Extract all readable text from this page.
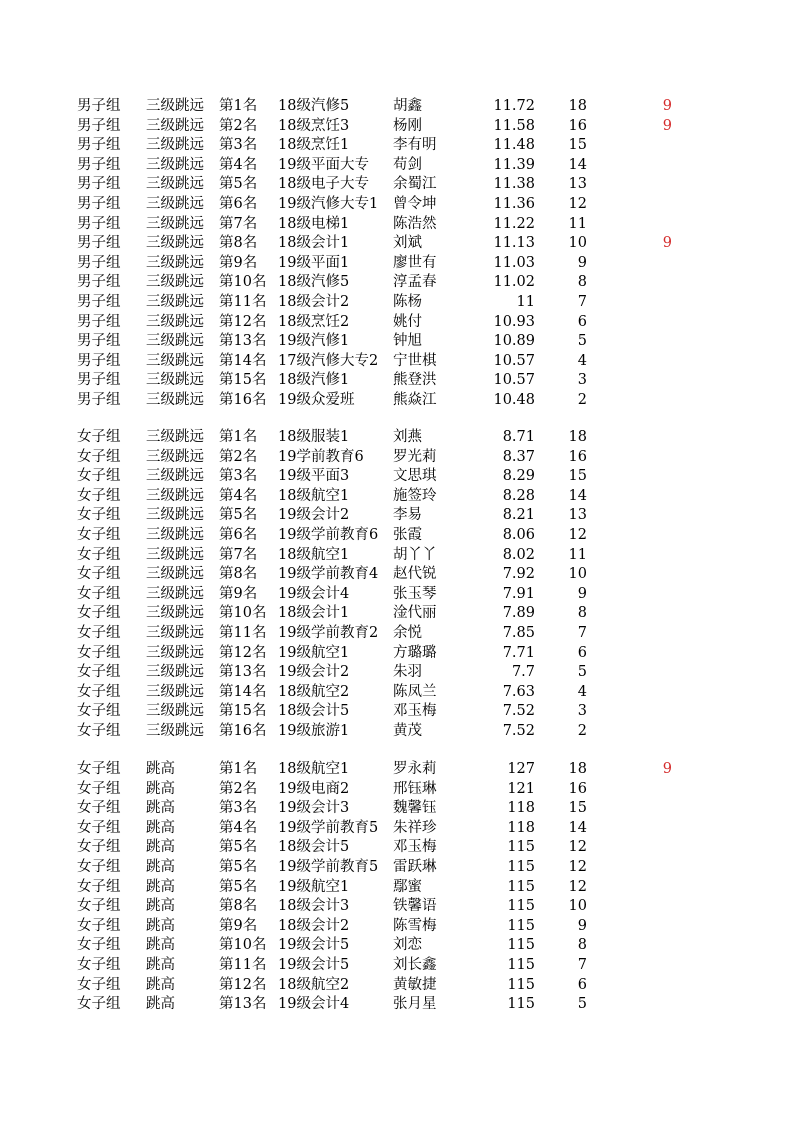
男子组 三级跳远 第1名 18级汽修5	胡鑫	11.72	18	9
男子组 三级跳远 第2名 18级烹饪3	杨刚	11.58	16	9
男子组 三级跳远 第3名 18级烹饪1	李有明	11.48	15
男子组 三级跳远 第4名 19级平面大专 苟剑	11.39	14
男子组 三级跳远 第5名 18级电子大专 余蜀江	11.38	13
男子组 三级跳远 第6名 19级汽修大专1 曾令坤	11.36	12
男子组 三级跳远 第7名 18级电梯1	陈浩然	11.22	11
男子组 三级跳远 第8名 18级会计1	刘斌	11.13	10	9
男子组 三级跳远 第9名 19级平面1	廖世有	11.03	9
男子组 三级跳远 第10名 18级汽修5	淳孟春	11.02	8
男子组 三级跳远 第11名 18级会计2	陈杨	11	7
男子组 三级跳远 第12名 18级烹饪2	姚付	10.93	6
男子组 三级跳远 第13名 19级汽修1	钟旭	10.89	5
男子组 三级跳远 第14名 17级汽修大专2 宁世棋	10.57	4
男子组 三级跳远 第15名 18级汽修1	熊登洪	10.57	3
男子组 三级跳远 第16名 19级众爱班	熊焱江	10.48	2
女子组 三级跳远 第1名 18级服装1	刘燕	8.71	18
女子组 三级跳远 第2名 19学前教育6 罗光莉	8.37	16
女子组 三级跳远 第3名 19级平面3	文思琪	8.29	15
女子组 三级跳远 第4名 18级航空1	施签玲	8.28	14
女子组 三级跳远 第5名 19级会计2	李易	8.21	13
女子组 三级跳远 第6名 19级学前教育6 张霞	8.06	12
女子组 三级跳远 第7名 18级航空1	胡丫丫	8.02	11
女子组 三级跳远 第8名 19级学前教育4 赵代锐	7.92	10
女子组 三级跳远 第9名 19级会计4	张玉琴	7.91	9
女子组 三级跳远 第10名 18级会计1	淦代丽	7.89	8
女子组 三级跳远 第11名 19级学前教育2 余悦	7.85	7
女子组 三级跳远 第12名 19级航空1	方璐璐	7.71	6
女子组 三级跳远 第13名 19级会计2	朱羽	7.7	5
女子组 三级跳远 第14名 18级航空2	陈凤兰	7.63	4
女子组 三级跳远 第15名 18级会计5	邓玉梅	7.52	3
女子组 三级跳远 第16名 19级旅游1	黄茂	7.52	2
女子组 跳高	第1名 18级航空1	罗永莉	127	18	9
女子组 跳高	第2名 19级电商2	邢钰琳	121	16
女子组 跳高	第3名 19级会计3	魏馨钰	118	15
女子组 跳高	第4名 19级学前教育5 朱祥珍	118	14
女子组 跳高	第5名 18级会计5	邓玉梅	115	12
女子组 跳高	第5名 19级学前教育5 雷跃琳	115	12
女子组 跳高	第5名 19级航空1	鄢蜜	115	12
女子组 跳高	第8名 18级会计3	铁馨语	115	10
女子组 跳高	第9名 18级会计2	陈雪梅	115	9
女子组 跳高	第10名 19级会计5	刘恋	115	8
女子组 跳高	第11名 19级会计5	刘长鑫	115	7
女子组 跳高	第12名 18级航空2	黄敏捷	115	6
女子组 跳高	第13名 19级会计4	张月星	115	5
